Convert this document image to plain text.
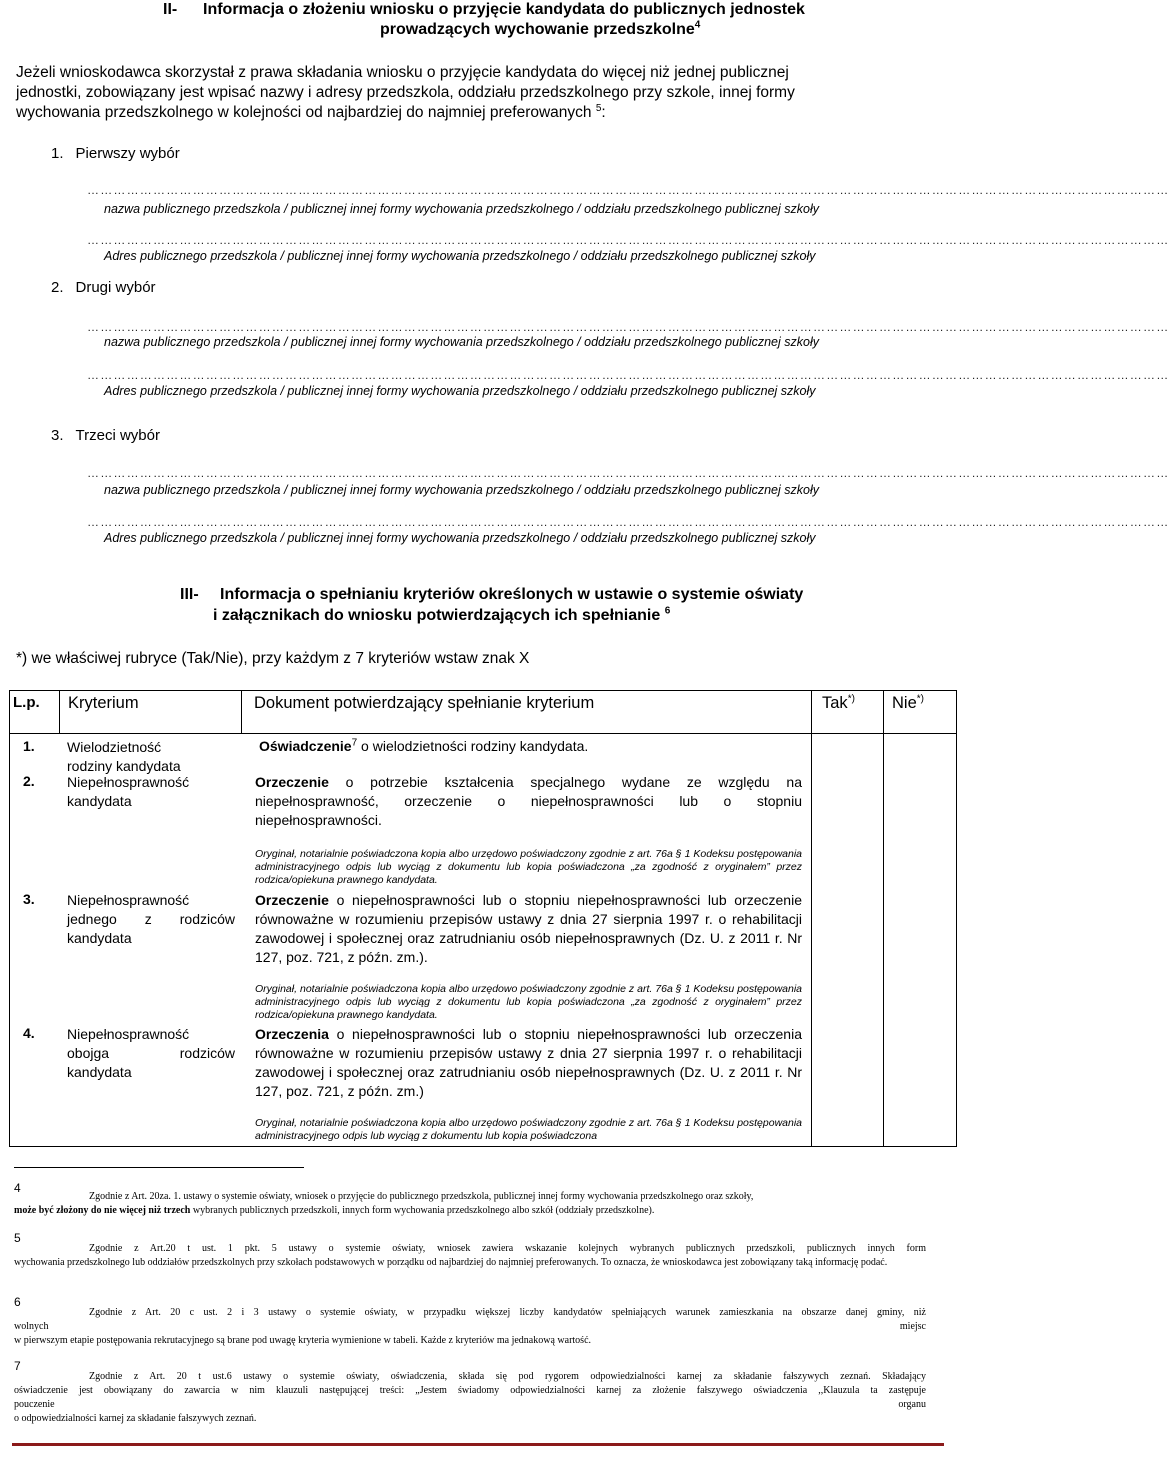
II- Informacja o złożeniu wniosku o przyjęcie kandydata do publicznych jednostek
prowadzących wychowanie przedszkolne$^4$

Jeżeli wnioskodawca skorzystał z prawa składania wniosku o przyjęcie kandydata do więcej niż jednej publicznej

jednostki, zobowiązany jest wpisać nazwy i adresy przedszkola, oddziału przedszkolnego przy szkole, innej formy

wychowania przedszkolnego w kolejności od najbardziej do najmniej preferowanych $^5$:

1. Pierwszy wybór
…………………………………………………………………………………………………………………………………………………………………………………………………………………………
nazwa publicznego przedszkola / publicznej innej formy wychowania przedszkolnego / oddziału przedszkolnego publicznej szkoły
…………………………………………………………………………………………………………………………………………………………………………………………………………………………
Adres publicznego przedszkola / publicznej innej formy wychowania przedszkolnego / oddziału przedszkolnego publicznej szkoły
2. Drugi wybór
…………………………………………………………………………………………………………………………………………………………………………………………………………………………
nazwa publicznego przedszkola / publicznej innej formy wychowania przedszkolnego / oddziału przedszkolnego publicznej szkoły
…………………………………………………………………………………………………………………………………………………………………………………………………………………………
Adres publicznego przedszkola / publicznej innej formy wychowania przedszkolnego / oddziału przedszkolnego publicznej szkoły
3. Trzeci wybór
…………………………………………………………………………………………………………………………………………………………………………………………………………………………
nazwa publicznego przedszkola / publicznej innej formy wychowania przedszkolnego / oddziału przedszkolnego publicznej szkoły
…………………………………………………………………………………………………………………………………………………………………………………………………………………………
Adres publicznego przedszkola / publicznej innej formy wychowania przedszkolnego / oddziału przedszkolnego publicznej szkoły
III- Informacja o spełnianiu kryteriów określonych w ustawie o systemie oświaty
i załącznikach do wniosku potwierdzających ich spełnianie $^6$
*) we właściwej rubryce (Tak/Nie), przy każdym z 7 kryteriów wstaw znak X
L.p. Kryterium	Dokument potwierdzający spełnianie kryterium	Tak*) Nie*)
1. Wielodzietność
rodziny kandydata
Oświadczenie$^7$ o wielodzietności rodziny kandydata.
2. Niepełnosprawność
kandydata
Orzeczenie o potrzebie kształcenia specjalnego wydane ze względu na niepełnosprawność, orzeczenie o niepełnosprawności lub o stopniu niepełnosprawności.
Oryginał, notarialnie poświadczona kopia albo urzędowo poświadczony zgodnie z art. 76a § 1 Kodeksu postępowania administracyjnego odpis lub wyciąg z dokumentu lub kopia poświadczona „za zgodność z oryginałem” przez rodzica/opiekuna prawnego kandydata.
3. Niepełnosprawność
jednego z rodziców
kandydata
Orzeczenie o niepełnosprawności lub o stopniu niepełnosprawności lub orzeczenie równoważne w rozumieniu przepisów ustawy z dnia 27 sierpnia 1997 r. o rehabilitacji zawodowej i społecznej oraz zatrudnianiu osób niepełnosprawnych (Dz. U. z 2011 r. Nr 127, poz. 721, z późn. zm.).
Oryginał, notarialnie poświadczona kopia albo urzędowo poświadczony zgodnie z art. 76a § 1 Kodeksu postępowania administracyjnego odpis lub wyciąg z dokumentu lub kopia poświadczona „za zgodność z oryginałem” przez rodzica/opiekuna prawnego kandydata.
4. Niepełnosprawność
obojga rodziców
kandydata
Orzeczenia o niepełnosprawności lub o stopniu niepełnosprawności lub orzeczenia równoważne w rozumieniu przepisów ustawy z dnia 27 sierpnia 1997 r. o rehabilitacji zawodowej i społecznej oraz zatrudnianiu osób niepełnosprawnych (Dz. U. z 2011 r. Nr 127, poz. 721, z późn. zm.)
Oryginał, notarialnie poświadczona kopia albo urzędowo poświadczony zgodnie z art. 76a § 1 Kodeksu postępowania administracyjnego odpis lub wyciąg z dokumentu lub kopia poświadczona
4
Zgodnie z Art. 20za. 1. ustawy o systemie oświaty, wniosek o przyjęcie do publicznego przedszkola, publicznej innej formy wychowania przedszkolnego oraz szkoły,
może być złożony do nie więcej niż trzech wybranych publicznych przedszkoli, innych form wychowania przedszkolnego albo szkół (oddziały przedszkolne).
5
Zgodnie z Art.20 t ust. 1 pkt. 5 ustawy o systemie oświaty, wniosek zawiera wskazanie kolejnych wybranych publicznych przedszkoli, publicznych innych form
wychowania przedszkolnego lub oddziałów przedszkolnych przy szkołach podstawowych w porządku od najbardziej do najmniej preferowanych. To oznacza, że wnioskodawca jest zobowiązany taką informację podać.
6
Zgodnie z Art. 20 c ust. 2 i 3 ustawy o systemie oświaty, w przypadku większej liczby kandydatów spełniających warunek zamieszkania na obszarze danej gminy, niż
wolnych	miejsc
w pierwszym etapie postępowania rekrutacyjnego są brane pod uwagę kryteria wymienione w tabeli. Każde z kryteriów ma jednakową wartość.
7
Zgodnie z Art. 20 t ust.6 ustawy o systemie oświaty, oświadczenia, składa się pod rygorem odpowiedzialności karnej za składanie fałszywych zeznań. Składający
oświadczenie jest obowiązany do zawarcia w nim klauzuli następującej treści: „Jestem świadomy odpowiedzialności karnej za złożenie fałszywego oświadczenia ,,Klauzula ta zastępuje
pouczenie	organu
o odpowiedzialności karnej za składanie fałszywych zeznań.
